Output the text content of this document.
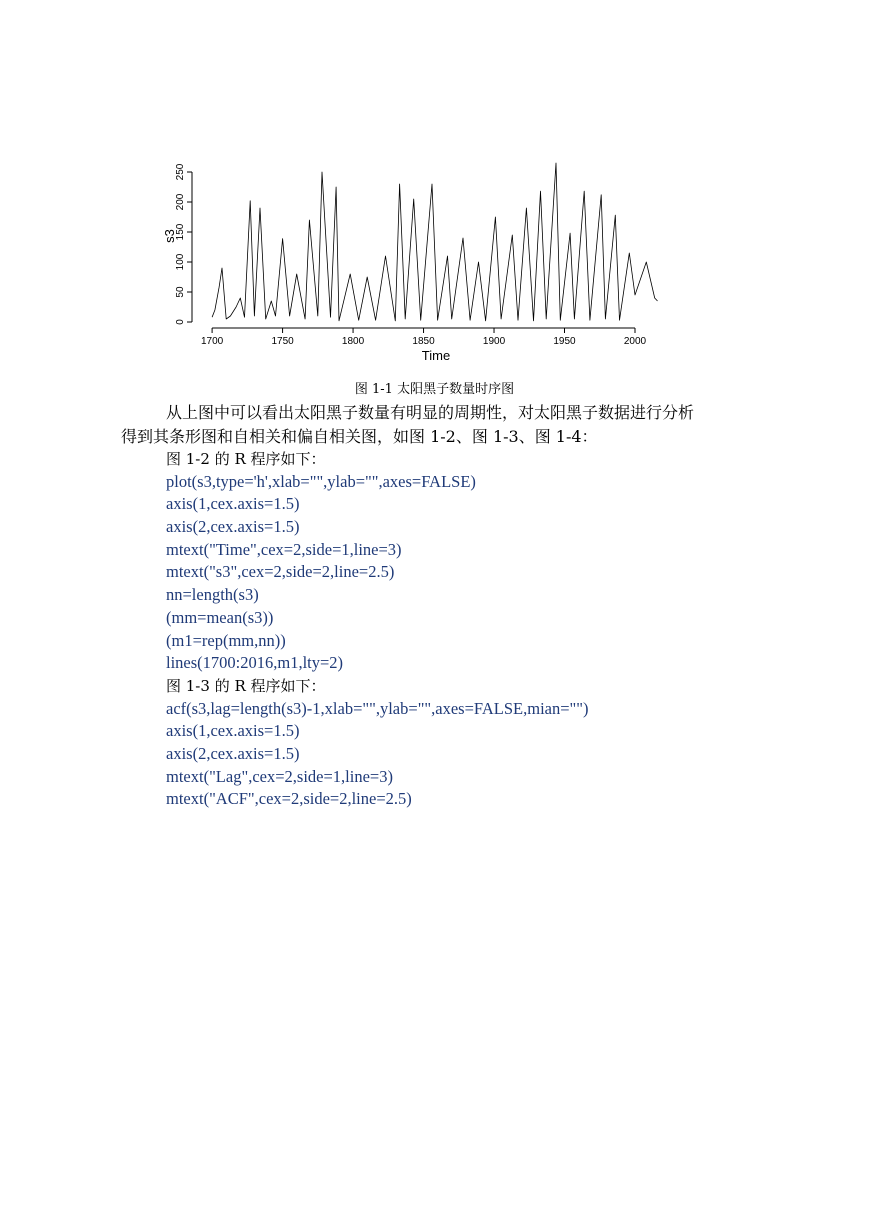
1700	1750	1800	1850	1900	1950	2000
0
50
100
150
200
250
Time
s3
图 1-1 太阳黑子数量时序图
从上图中可以看出太阳黑子数量有明显的周期性，对太阳黑子数据进行分析
得到其条形图和自相关和偏自相关图，如图 1-2、图 1-3、图 1-4：
图 1-2 的 R 程序如下：
plot(s3,type='h',xlab="",ylab="",axes=FALSE)
axis(1,cex.axis=1.5)
axis(2,cex.axis=1.5)
mtext("Time",cex=2,side=1,line=3)
mtext("s3",cex=2,side=2,line=2.5)
nn=length(s3)
(mm=mean(s3))
(m1=rep(mm,nn))
lines(1700:2016,m1,lty=2)
图 1-3 的 R 程序如下：
acf(s3,lag=length(s3)-1,xlab="",ylab="",axes=FALSE,mian="")
axis(1,cex.axis=1.5)
axis(2,cex.axis=1.5)
mtext("Lag",cex=2,side=1,line=3)
mtext("ACF",cex=2,side=2,line=2.5)
